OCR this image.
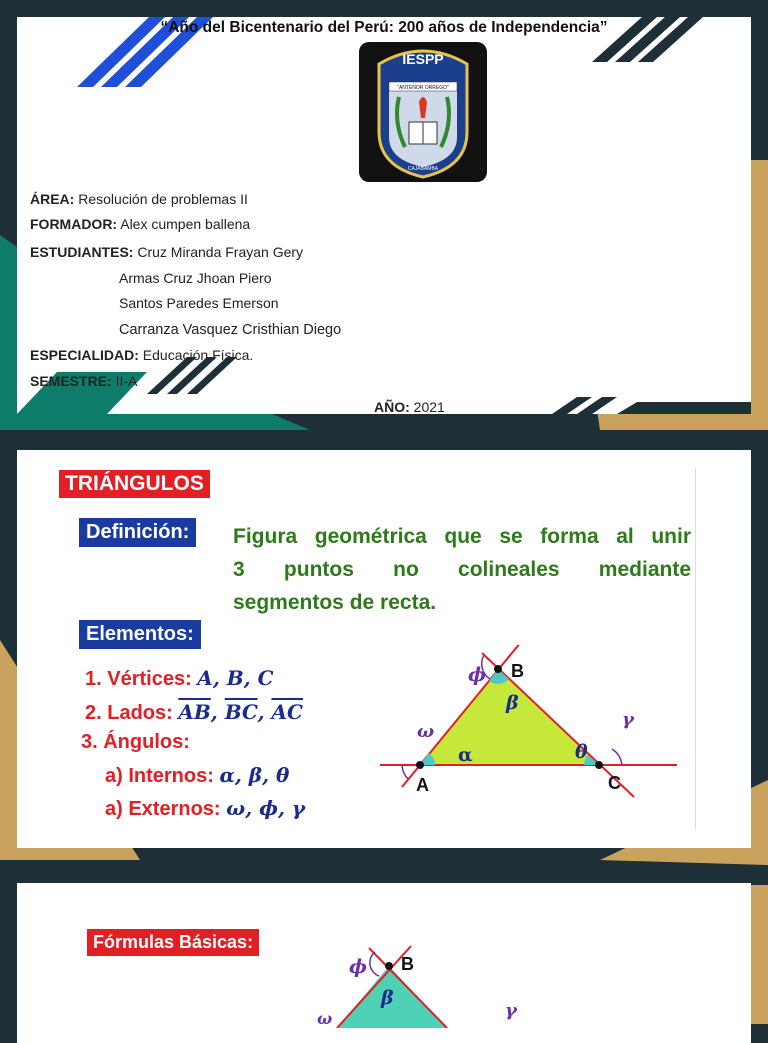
“Año del Bicentenario del Perú: 200 años de Independencia”
"ANTENOR ORREGO"
IESPP
CAJABAMBA
ÁREA: Resolución de problemas II
FORMADOR: Alex cumpen ballena
ESTUDIANTES: Cruz Miranda Frayan Gery
Armas Cruz Jhoan Piero
Santos Paredes Emerson
Carranza Vasquez Cristhian Diego
ESPECIALIDAD: Educación Física.
SEMESTRE: II-A
AÑO: 2021
TRIÁNGULOS
Definición:	Figura geométrica que se forma al unir
3 puntos no colineales mediante
segmentos de recta.
Elementos:
1. Vértices: A, B, C
2. Lados: $\overline{AB}$, $\overline{BC}$, $\overline{AC}$
3. Ángulos:
a) Internos: α, β, θ
a) Externos: ω, ϕ, γ
A
B
C
α
β
θ
ω
ϕ
γ
Fórmulas Básicas:
B
ϕ
β
ω	γ
